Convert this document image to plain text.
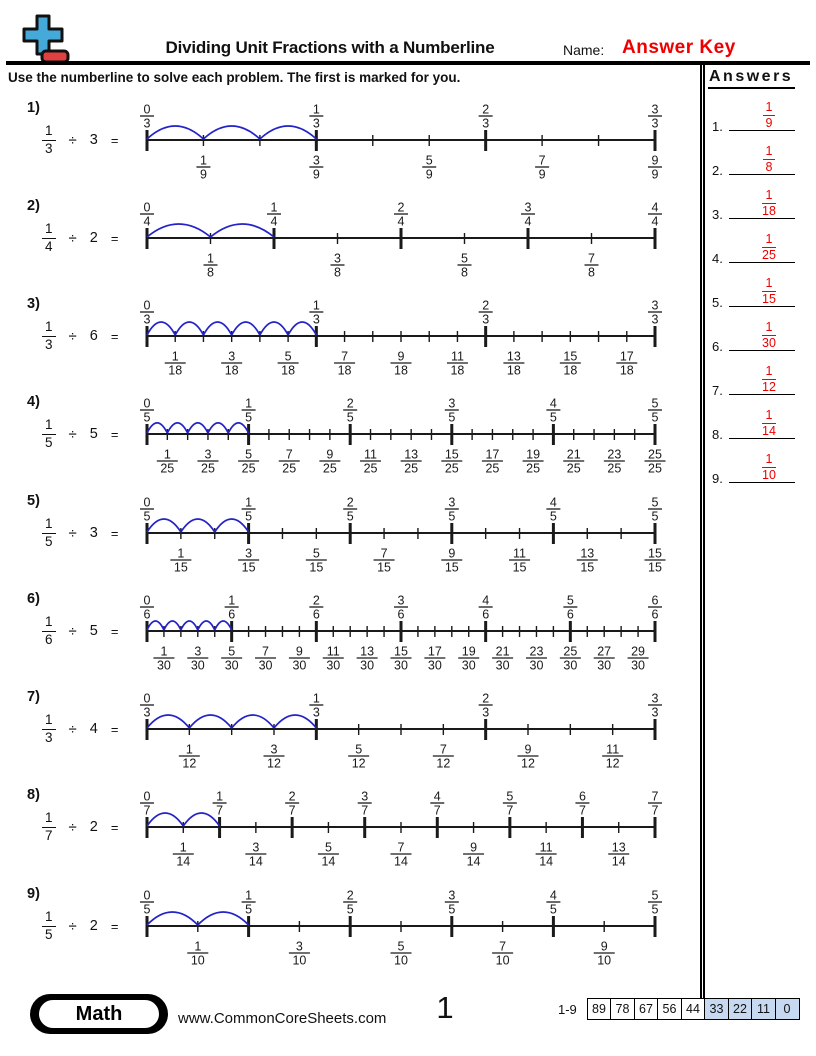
Dividing Unit Fractions with a Numberline	Name: Answer Key
Use the numberline to solve each problem. The first is marked for you.	Answers
1.	$\frac{1}{9}$
2.	$\frac{1}{8}$
3.	$\frac{1}{18}$
4.	$\frac{1}{25}$
5.	$\frac{1}{15}$
6.	$\frac{1}{30}$
7.	$\frac{1}{12}$
8.	$\frac{1}{14}$
9.	$\frac{1}{10}$
1)
$\frac{1}{3} \div 3$ =
0
3
1
3
2
3
3
3
1
9
3
9
5
9
7
9
9
9
2)
$\frac{1}{4} \div 2$ =
0
4
1
4
2
4
3
4
4
4
1
8
3
8
5
8
7
8
3)
$\frac{1}{3} \div 6$ =
0
3
1
3
2
3
3
3
1
18
3
18
5
18
7
18
9
18
11
18
13
18
15
18
17
18
4)
$\frac{1}{5} \div 5$ =
0
5
1
5
2
5
3
5
4
5
5
5
1
25
3
25
5
25
7
25
9
25
11
25
13
25
15
25
17
25
19
25
21
25
23
25
25
25
5)
$\frac{1}{5} \div 3$ =
0
5
1
5
2
5
3
5
4
5
5
5
1
15
3
15
5
15
7
15
9
15
11
15
13
15
15
15
6)
$\frac{1}{6} \div 5$ =
0
6
1
6
2
6
3
6
4
6
5
6
6
6
1
30
3
30
5
30
7
30
9
30
11
30
13
30
15
30
17
30
19
30
21
30
23
30
25
30
27
30
29
30
7)
$\frac{1}{3} \div 4$ =
0
3
1
3
2
3
3
3
1
12
3
12
5
12
7
12
9
12
11
12
8)
$\frac{1}{7} \div 2$ =
0
7
1
7
2
7
3
7
4
7
5
7
6
7
7
7
1
14
3
14
5
14
7
14
9
14
11
14
13
14
9)
$\frac{1}{5} \div 2$ =
0
5
1
5
2
5
3
5
4
5
5
5
1
10
3
10
5
10
7
10
9
10
Math	www.CommonCoreSheets.com	1	1-9	89 78 67 56 44 33 22 11	0
